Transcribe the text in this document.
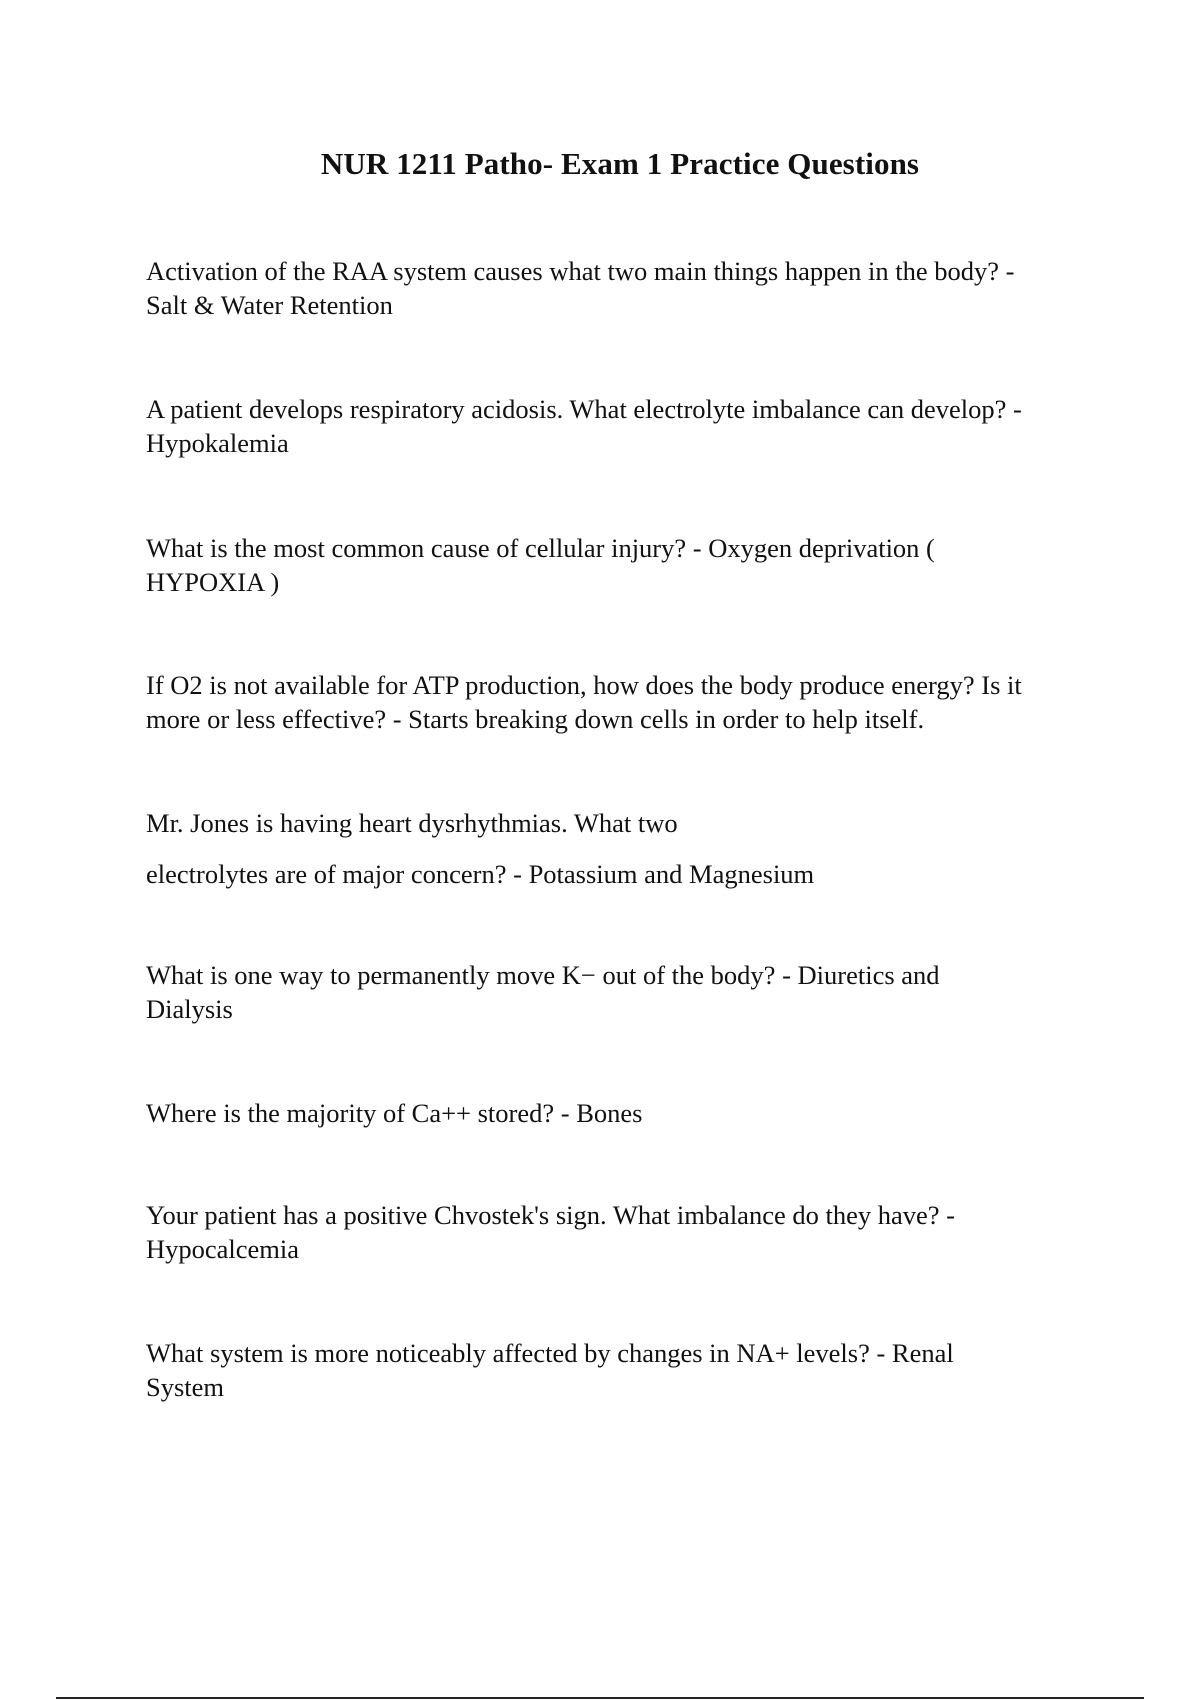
NUR 1211 Patho- Exam 1 Practice Questions

Activation of the RAA system causes what two main things happen in the body? -
Salt & Water Retention

A patient develops respiratory acidosis. What electrolyte imbalance can develop? -
Hypokalemia

What is the most common cause of cellular injury? - Oxygen deprivation (
HYPOXIA )

If O2 is not available for ATP production, how does the body produce energy? Is it
more or less effective? - Starts breaking down cells in order to help itself.

Mr. Jones is having heart dysrhythmias. What two
electrolytes are of major concern? - Potassium and Magnesium

What is one way to permanently move K− out of the body? - Diuretics and
Dialysis

Where is the majority of Ca++ stored? - Bones

Your patient has a positive Chvostek's sign. What imbalance do they have? -
Hypocalcemia

What system is more noticeably affected by changes in NA+ levels? - Renal
System
